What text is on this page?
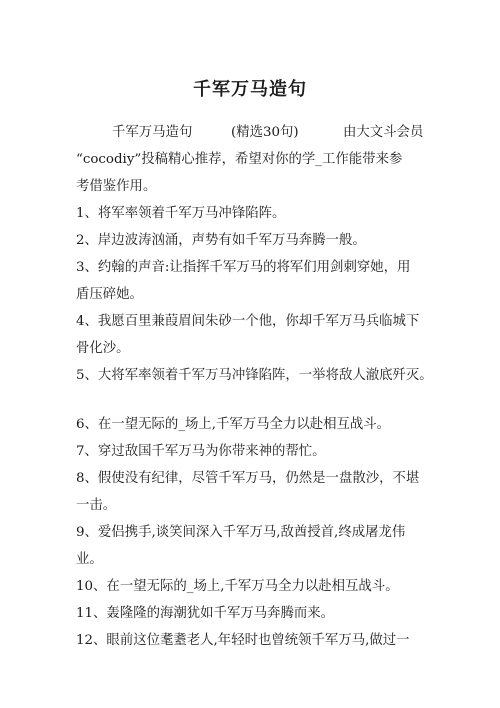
千军万马造句
千军万马造句	(精选30句)	由大文斗会员
“cocodiy”投稿精心推荐，希望对你的学_工作能带来参
考借鉴作用。
1、将军率领着千军万马冲锋陷阵。
2、岸边波涛汹涌，声势有如千军万马奔腾一般。
3、约翰的声音:让指挥千军万马的将军们用剑刺穿她，用
盾压碎她。
4、我愿百里兼葭眉间朱砂一个他，你却千军万马兵临城下
骨化沙。
5、大将军率领着千军万马冲锋陷阵，一举将敌人澈底歼灭。
6、在一望无际的_场上,千军万马全力以赴相互战斗。
7、穿过敌国千军万马为你带来神的帮忙。
8、假使没有纪律，尽管千军万马，仍然是一盘散沙，不堪
一击。
9、爱侣携手,谈笑间深入千军万马,敌酋授首,终成屠龙伟
业。
10、在一望无际的_场上,千军万马全力以赴相互战斗。
11、轰隆隆的海潮犹如千军万马奔腾而来。
12、眼前这位耄耋老人,年轻时也曾统领千军万马,做过一
